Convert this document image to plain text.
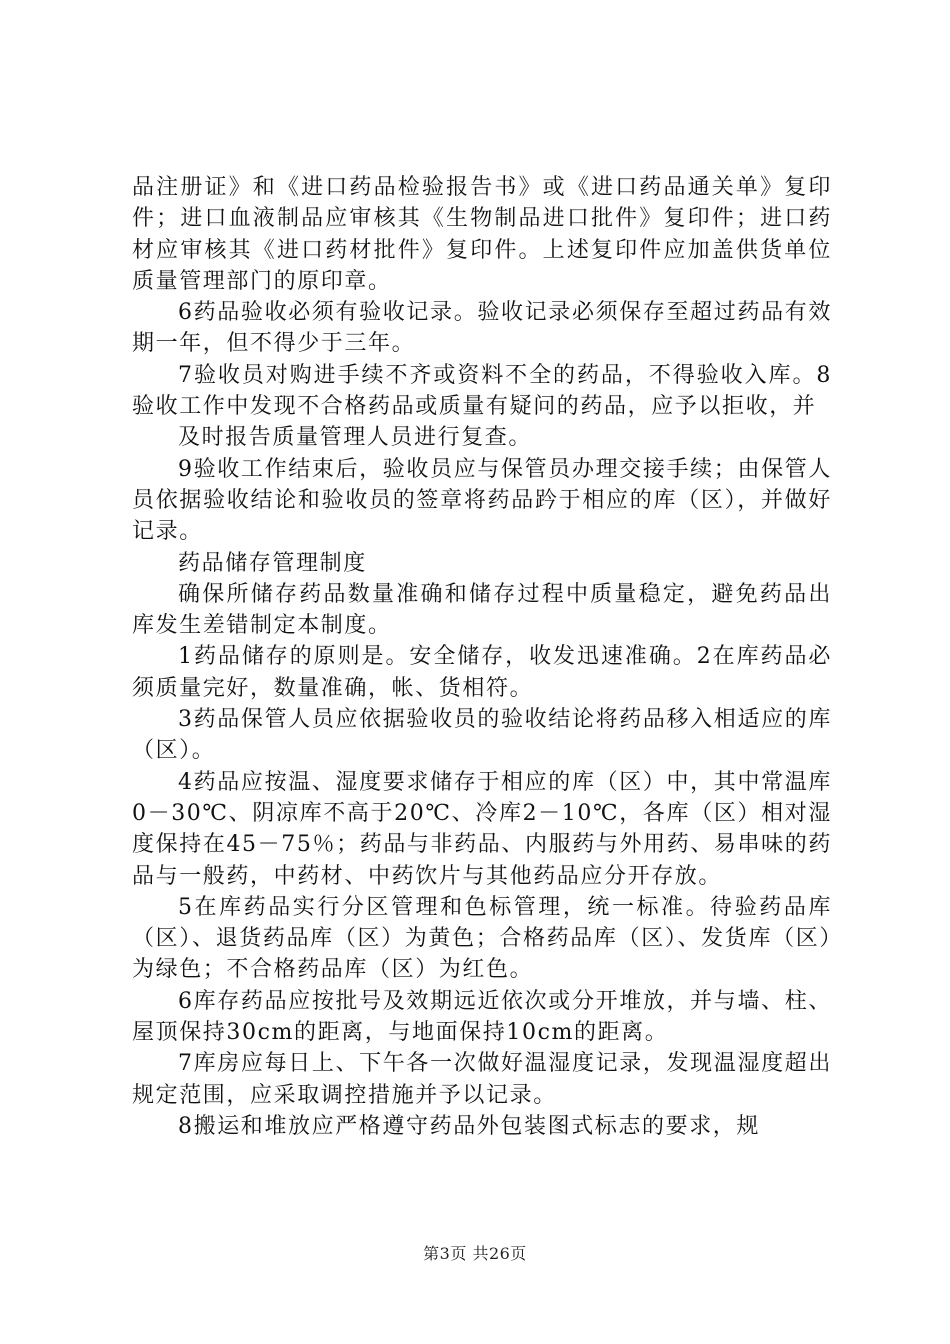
品注册证》和《进口药品检验报告书》或《进口药品通关单》复印件；进口血液制品应审核其《生物制品进口批件》复印件；进口药材应审核其《进口药材批件》复印件。上述复印件应加盖供货单位质量管理部门的原印章。

6药品验收必须有验收记录。验收记录必须保存至超过药品有效期一年，但不得少于三年。

7验收员对购进手续不齐或资料不全的药品，不得验收入库。8验收工作中发现不合格药品或质量有疑问的药品，应予以拒收，并

及时报告质量管理人员进行复查。

9验收工作结束后，验收员应与保管员办理交接手续；由保管人员依据验收结论和验收员的签章将药品趻于相应的库（区），并做好记录。

药品储存管理制度

确保所储存药品数量准确和储存过程中质量稳定，避免药品出库发生差错制定本制度。

1药品储存的原则是。安全储存，收发迅速准确。2在库药品必须质量完好，数量准确，帐、货相符。

3药品保管人员应依据验收员的验收结论将药品移入相适应的库（区）。

4药品应按温、湿度要求储存于相应的库（区）中，其中常温库0－30℃、阴凉库不高于20℃、冷库2－10℃，各库（区）相对湿度保持在45－75％；药品与非药品、内服药与外用药、易串味的药品与一般药，中药材、中药饮片与其他药品应分开存放。

5在库药品实行分区管理和色标管理，统一标准。待验药品库（区）、退货药品库（区）为黄色；合格药品库（区）、发货库（区）为绿色；不合格药品库（区）为红色。

6库存药品应按批号及效期远近依次或分开堆放，并与墙、柱、屋顶保持30cm的距离，与地面保持10cm的距离。

7库房应每日上、下午各一次做好温湿度记录，发现温湿度超出规定范围，应采取调控措施并予以记录。

8搬运和堆放应严格遵守药品外包装图式标志的要求，规

第3页 共26页
